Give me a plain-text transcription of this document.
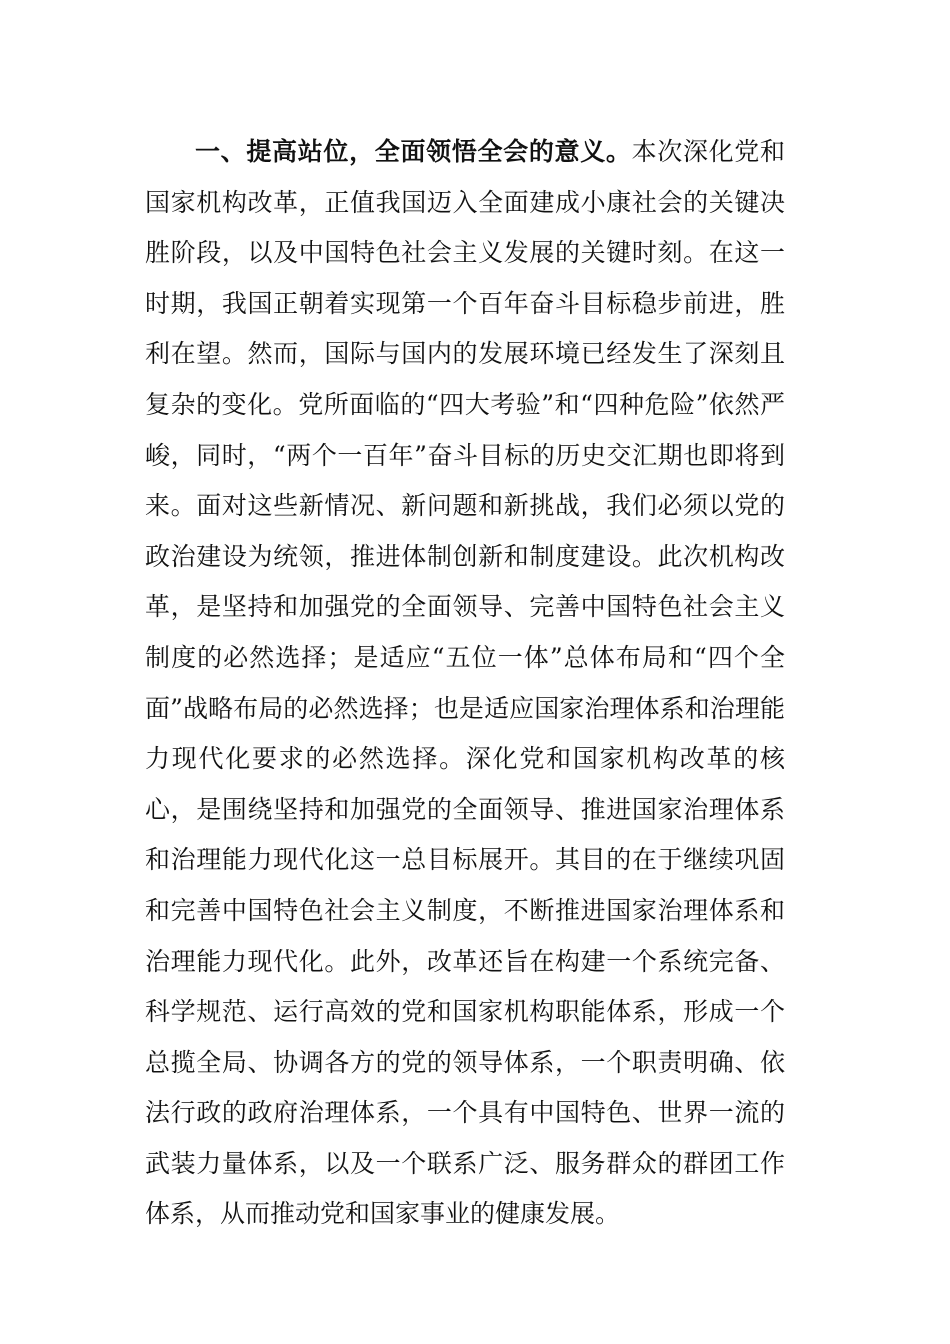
一、提高站位，全面领悟全会的意义。本次深化党和国家机构改革，正值我国迈入全面建成小康社会的关键决胜阶段，以及中国特色社会主义发展的关键时刻。在这一时期，我国正朝着实现第一个百年奋斗目标稳步前进，胜利在望。然而，国际与国内的发展环境已经发生了深刻且复杂的变化。党所面临的“四大考验”和“四种危险”依然严峻，同时，“两个一百年”奋斗目标的历史交汇期也即将到来。面对这些新情况、新问题和新挑战，我们必须以党的政治建设为统领，推进体制创新和制度建设。此次机构改革，是坚持和加强党的全面领导、完善中国特色社会主义制度的必然选择；是适应“五位一体”总体布局和“四个全面”战略布局的必然选择；也是适应国家治理体系和治理能力现代化要求的必然选择。深化党和国家机构改革的核心，是围绕坚持和加强党的全面领导、推进国家治理体系和治理能力现代化这一总目标展开。其目的在于继续巩固和完善中国特色社会主义制度，不断推进国家治理体系和治理能力现代化。此外，改革还旨在构建一个系统完备、科学规范、运行高效的党和国家机构职能体系，形成一个总揽全局、协调各方的党的领导体系，一个职责明确、依法行政的政府治理体系，一个具有中国特色、世界一流的武装力量体系，以及一个联系广泛、服务群众的群团工作体系，从而推动党和国家事业的健康发展。
